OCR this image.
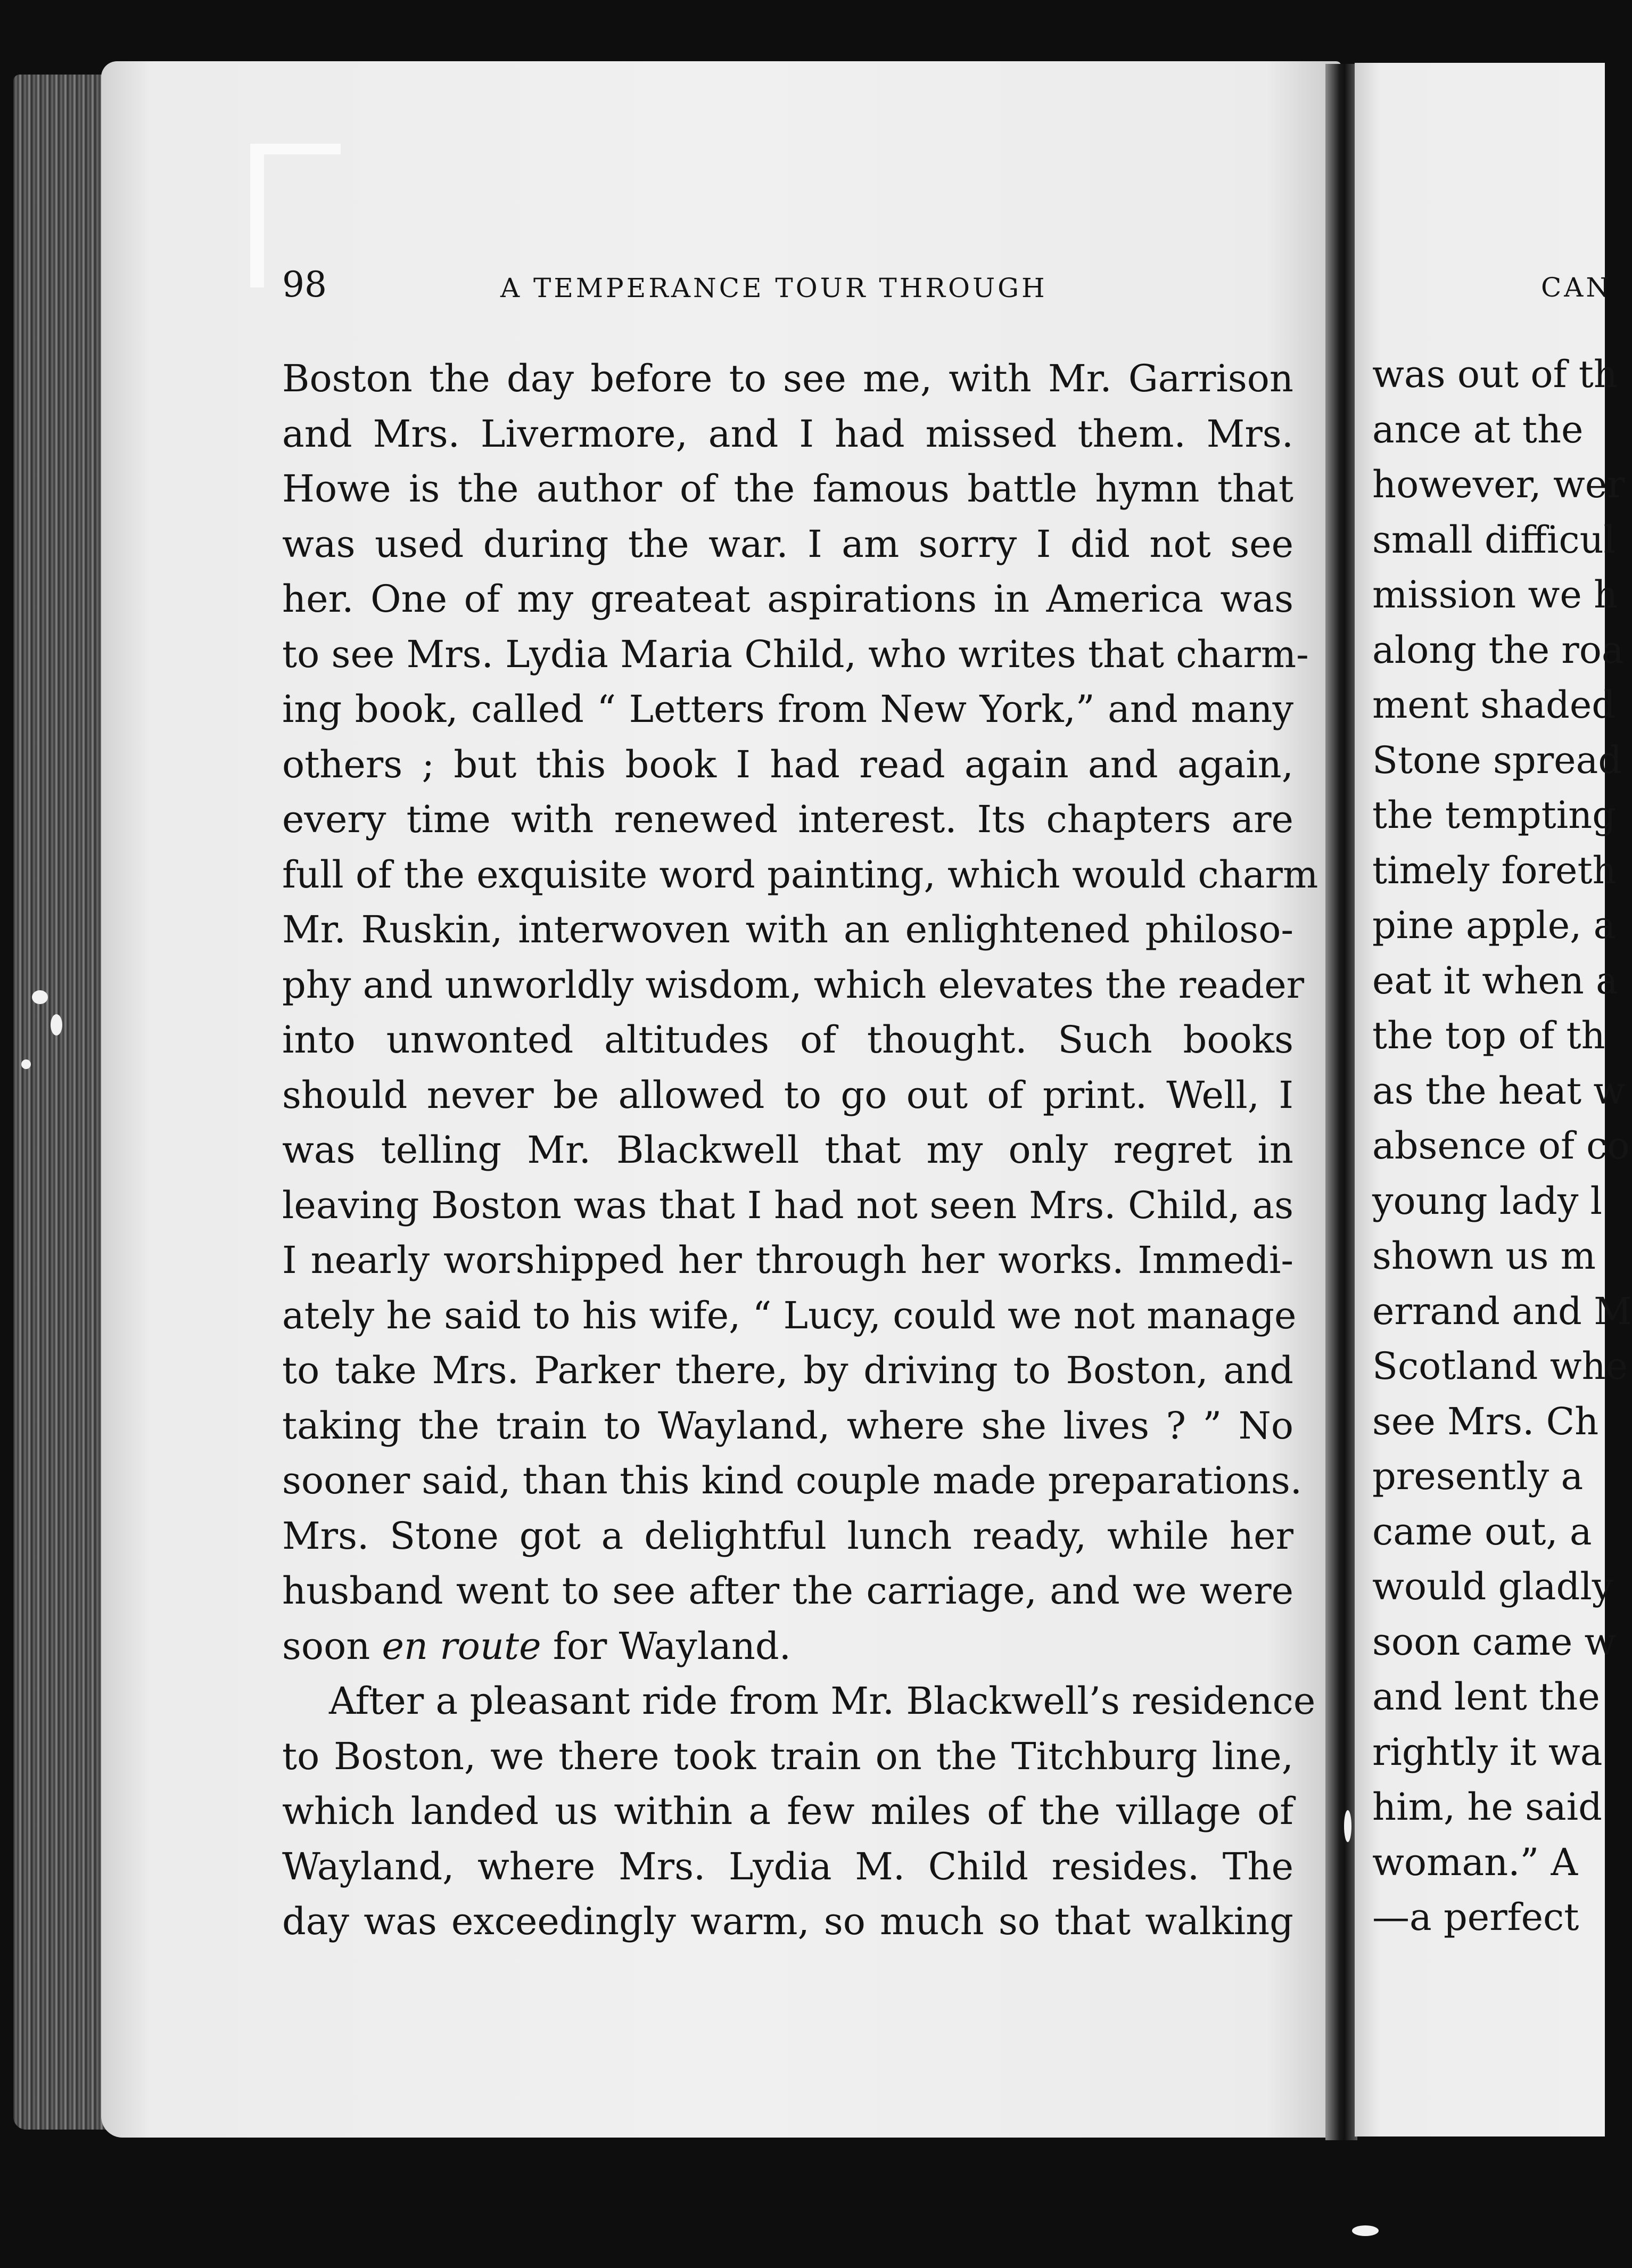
98	A TEMPERANCE TOUR THROUGH
Boston the day before to see me, with Mr. Garrison
and Mrs. Livermore, and I had missed them. Mrs.
Howe is the author of the famous battle hymn that
was used during the war. I am sorry I did not see
her. One of my greateat aspirations in America was
to see Mrs. Lydia Maria Child, who writes that charm-
ing book, called “ Letters from New York,” and many
others ; but this book I had read again and again,
every time with renewed interest. Its chapters are
full of the exquisite word painting, which would charm
Mr. Ruskin, interwoven with an enlightened philoso-
phy and unworldly wisdom, which elevates the reader
into unwonted altitudes of thought. Such books
should never be allowed to go out of print. Well, I
was telling Mr. Blackwell that my only regret in
leaving Boston was that I had not seen Mrs. Child, as
I nearly worshipped her through her works. Immedi-
ately he said to his wife, “ Lucy, could we not manage
to take Mrs. Parker there, by driving to Boston, and
taking the train to Wayland, where she lives ? ” No
sooner said, than this kind couple made preparations.
Mrs. Stone got a delightful lunch ready, while her
husband went to see after the carriage, and we were
soon en route for Wayland.
After a pleasant ride from Mr. Blackwell’s residence
to Boston, we there took train on the Titchburg line,
which landed us within a few miles of the village of
Wayland, where Mrs. Lydia M. Child resides. The
day was exceedingly warm, so much so that walking
CAN
was out of th
ance at the
however, wer
small difficul
mission we h
along the roa
ment shaded
Stone spread
the tempting
timely foreth
pine apple, a
eat it when a
the top of th
as the heat w
absence of co
young lady l
shown us m
errand and M
Scotland whe
see Mrs. Ch
presently a
came out, a
would gladly
soon came w
and lent the
rightly it wa
him, he said
woman.” A
—a perfect
